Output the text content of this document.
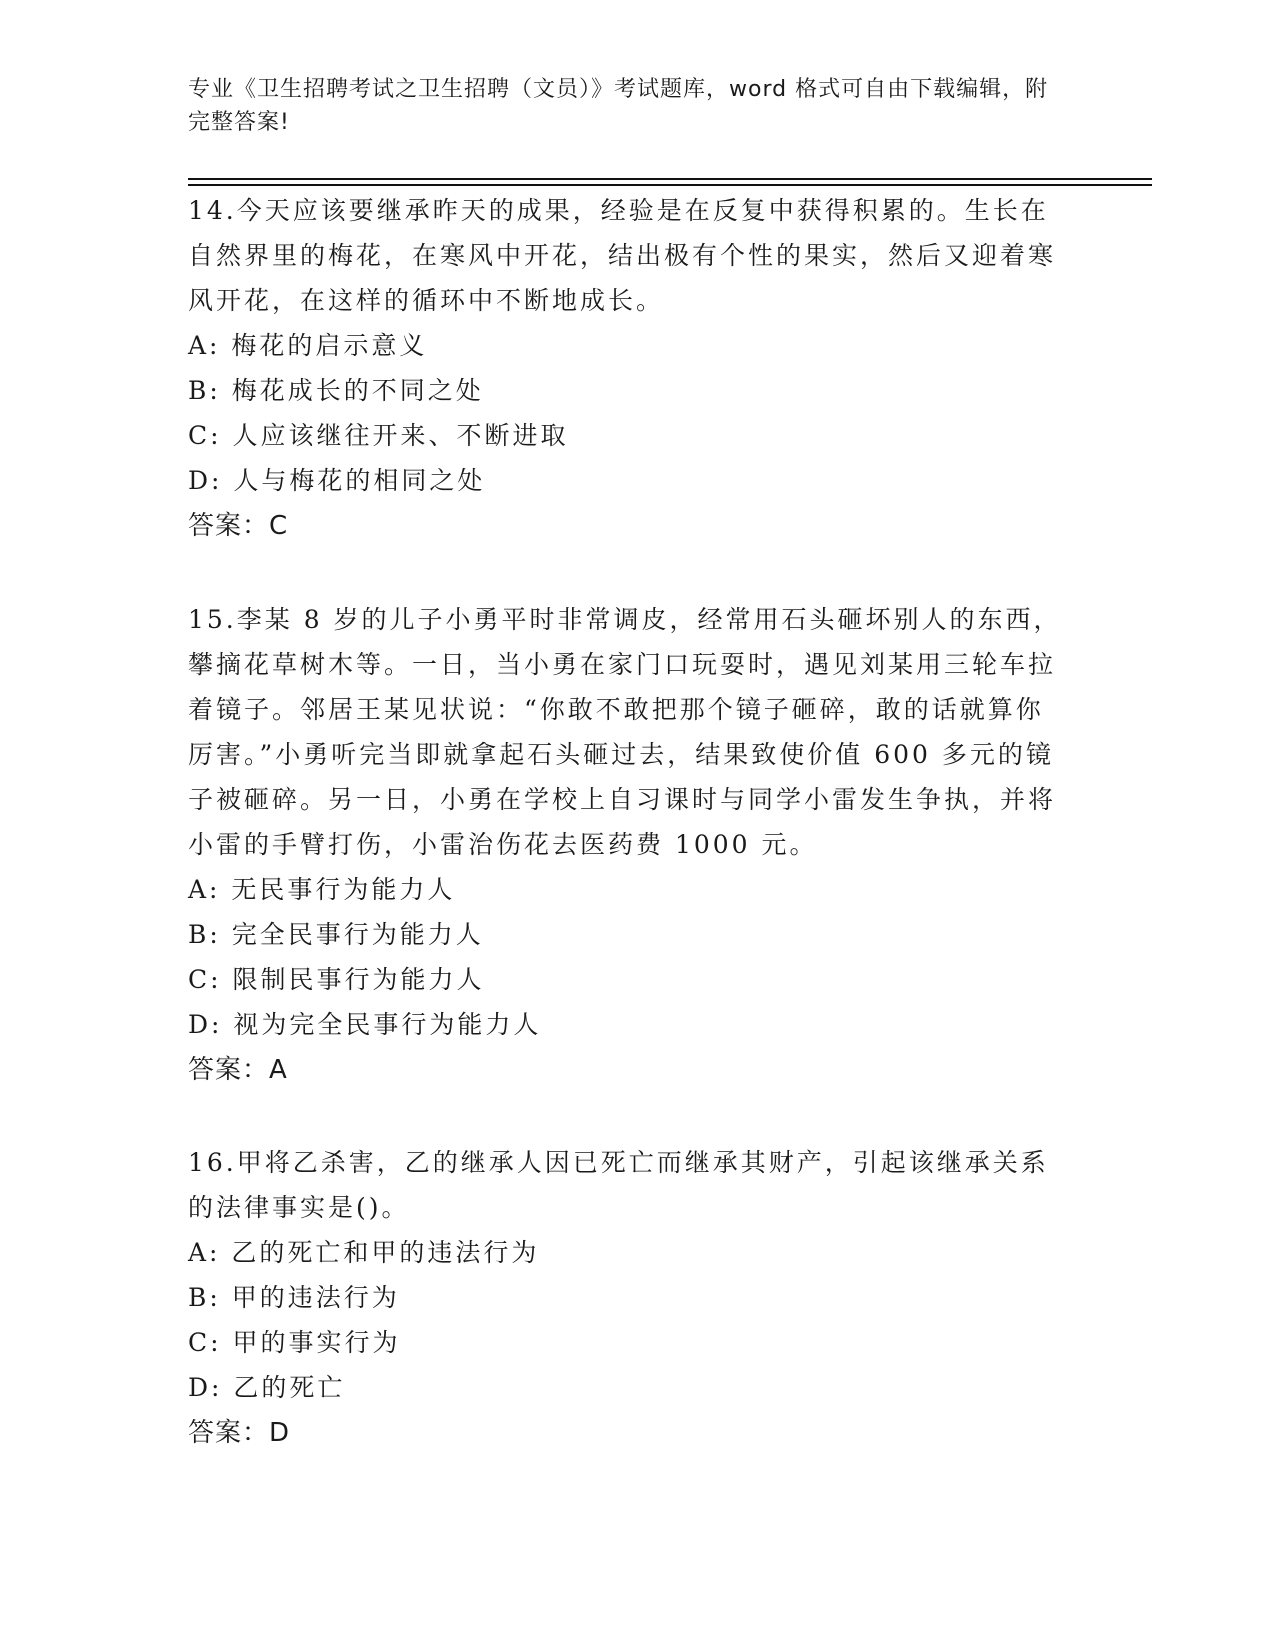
专业《卫生招聘考试之卫生招聘（文员）》考试题库，word 格式可自由下载编辑，附完整答案!

14.今天应该要继承昨天的成果，经验是在反复中获得积累的。生长在自然界里的梅花，在寒风中开花，结出极有个性的果实，然后又迎着寒风开花，在这样的循环中不断地成长。

A: 梅花的启示意义

B: 梅花成长的不同之处

C: 人应该继往开来、不断进取

D: 人与梅花的相同之处

答案：C

15.李某 8 岁的儿子小勇平时非常调皮，经常用石头砸坏别人的东西，攀摘花草树木等。一日，当小勇在家门口玩耍时，遇见刘某用三轮车拉着镜子。邻居王某见状说：“你敢不敢把那个镜子砸碎，敢的话就算你厉害。”小勇听完当即就拿起石头砸过去，结果致使价值 600 多元的镜子被砸碎。另一日，小勇在学校上自习课时与同学小雷发生争执，并将小雷的手臂打伤，小雷治伤花去医药费 1000 元。

A: 无民事行为能力人

B: 完全民事行为能力人

C: 限制民事行为能力人

D: 视为完全民事行为能力人

答案：A

16.甲将乙杀害，乙的继承人因已死亡而继承其财产，引起该继承关系的法律事实是()。

A: 乙的死亡和甲的违法行为

B: 甲的违法行为

C: 甲的事实行为

D: 乙的死亡

答案：D
